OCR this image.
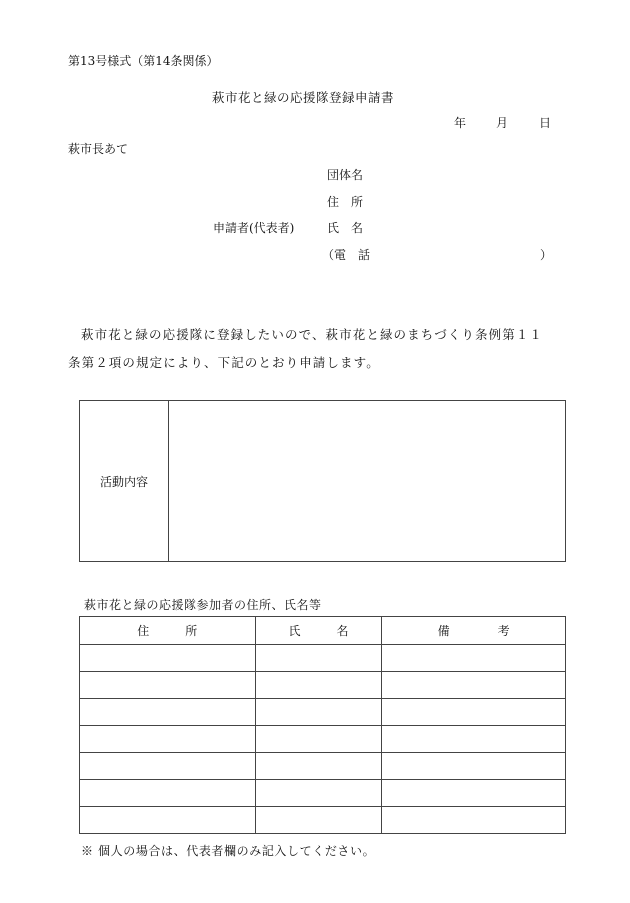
第13号様式（第14条関係）
萩市花と緑の応援隊登録申請書
年 月	日
萩市長あて
団体名
住　所
申請者(代表者)	氏　名
（電　話	）
萩市花と緑の応援隊に登録したいので、萩市花と緑のまちづくり条例第１１
条第２項の規定により、下記のとおり申請します。
活動内容	
萩市花と緑の応援隊参加者の住所、氏名等
住　　　所	氏　　　名	備　　　　考

※ 個人の場合は、代表者欄のみ記入してください。
